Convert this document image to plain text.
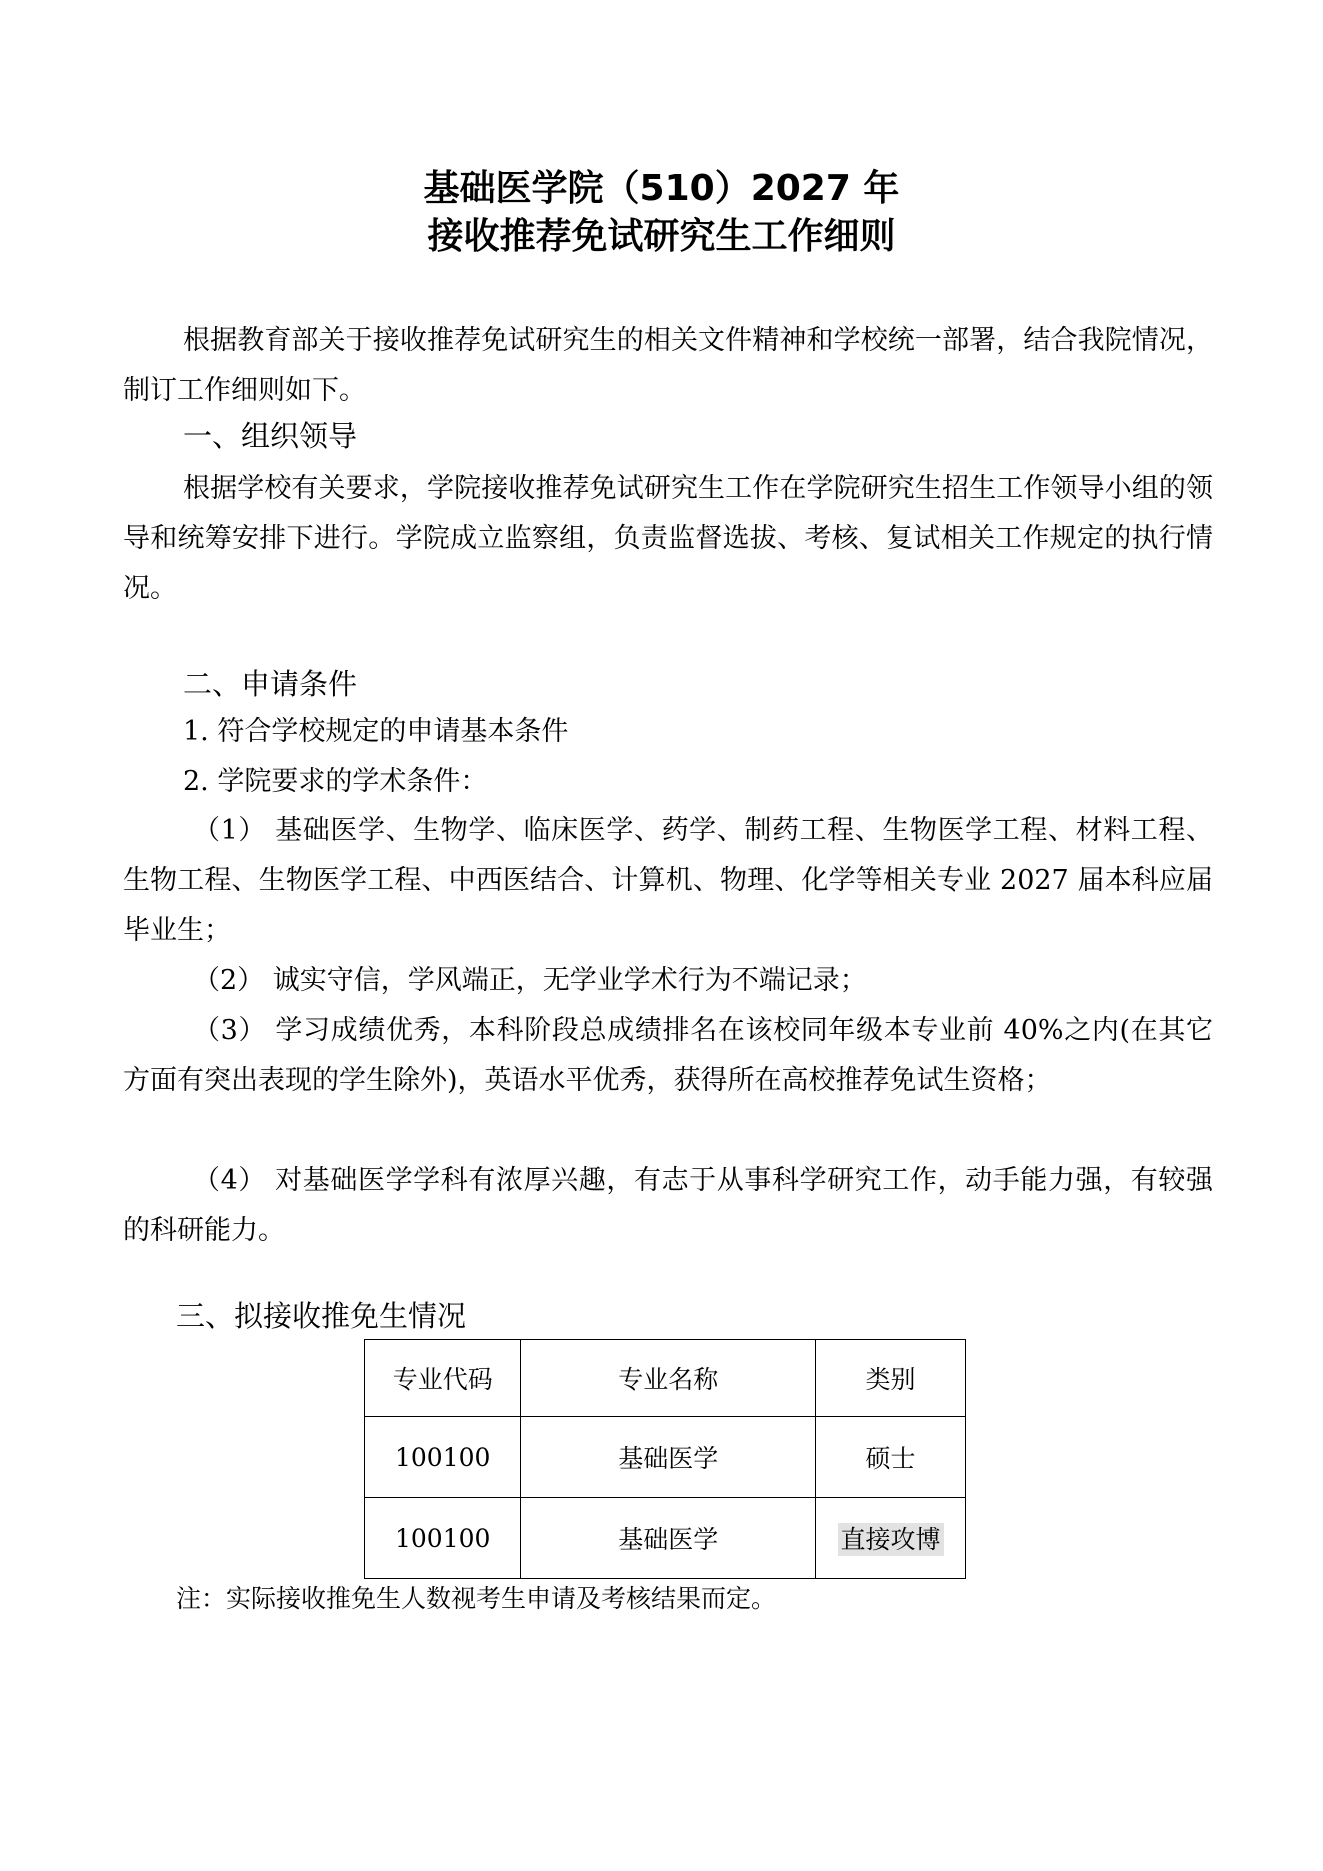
基础医学院（510）2027 年
接收推荐免试研究生工作细则
根据教育部关于接收推荐免试研究生的相关文件精神和学校统一部署，结合我院情况，制订工作细则如下。
一、组织领导
根据学校有关要求，学院接收推荐免试研究生工作在学院研究生招生工作领导小组的领导和统筹安排下进行。学院成立监察组，负责监督选拔、考核、复试相关工作规定的执行情况。
二、申请条件
1. 符合学校规定的申请基本条件
2. 学院要求的学术条件：
（1） 基础医学、生物学、临床医学、药学、制药工程、生物医学工程、材料工程、生物工程、生物医学工程、中西医结合、计算机、物理、化学等相关专业 2027 届本科应届毕业生；
（2） 诚实守信，学风端正，无学业学术行为不端记录；
（3） 学习成绩优秀，本科阶段总成绩排名在该校同年级本专业前 40%之内(在其它方面有突出表现的学生除外)，英语水平优秀，获得所在高校推荐免试生资格；
（4） 对基础医学学科有浓厚兴趣，有志于从事科学研究工作，动手能力强，有较强的科研能力。
三、拟接收推免生情况
专业代码	专业名称	类别
100100	基础医学	硕士
100100	基础医学	直接攻博
注：实际接收推免生人数视考生申请及考核结果而定。
